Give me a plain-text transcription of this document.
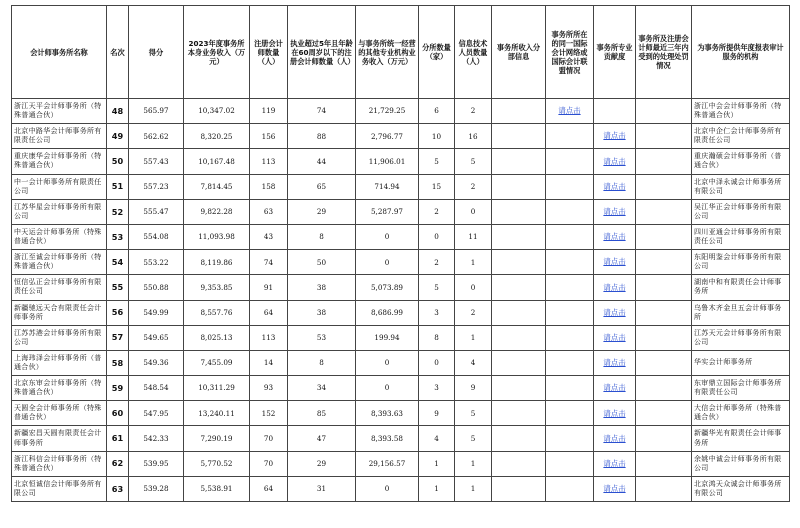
会计师事务所名称	名次	得分	2023年度事务所本身业务收入（万元）	注册会计师数量（人）	执业超过5年且年龄在60周岁以下的注册会计师数量（人）	与事务所统一经营的其他专业机构业务收入（万元）	分所数量（家）	信息技术人员数量（人）	事务所收入分部信息	事务所所在的同一国际会计网络或国际会计联盟情况	事务所专业贡献度	事务所及注册会计师最近三年内受到的处理处罚情况	为事务所提供年度报表审计服务的机构
浙江天平会计师事务所（特殊普通合伙）	48	565.97	10,347.02	119	74	21,729.25	6	2		请点击			浙江中会会计师事务所（特殊普通合伙）
北京中路华会计师事务所有限责任公司	49	562.62	8,320.25	156	88	2,796.77	10	16			请点击		北京中企仁会计师事务所有限责任公司
重庆康华会计师事务所（特殊普通合伙）	50	557.43	10,167.48	113	44	11,906.01	5	5			请点击		重庆瀚硕会计师事务所（普通合伙）
中一会计师事务所有限责任公司	51	557.23	7,814.45	158	65	714.94	15	2			请点击		北京中泽永诚会计师事务所有限公司
江苏华星会计师事务所有限公司	52	555.47	9,822.28	63	29	5,287.97	2	0			请点击		吴江华正会计师事务所有限公司
中天运会计师事务所（特殊普通合伙）	53	554.08	11,093.98	43	8	0	0	11			请点击		四川亚通会计师事务所有限责任公司
浙江至诚会计师事务所（特殊普通合伙）	54	553.22	8,119.86	74	50	0	2	1			请点击		东阳明鉴会计师事务所有限公司
恒信弘正会计师事务所有限责任公司	55	550.88	9,353.85	91	38	5,073.89	5	0			请点击		湖南中和有限责任会计师事务所
新疆驰远天合有限责任会计师事务所	56	549.99	8,557.76	64	38	8,686.99	3	2			请点击		乌鲁木齐金旦五会计师事务所
江苏苏港会计师事务所有限公司	57	549.65	8,025.13	113	53	199.94	8	1			请点击		江苏天元会计师事务所有限公司
上海玮泽会计师事务所（普通合伙）	58	549.36	7,455.09	14	8	0	0	4			请点击		华实会计师事务所
北京东审会计师事务所（特殊普通合伙）	59	548.54	10,311.29	93	34	0	3	9			请点击		东审鼎立国际会计师事务所有限责任公司
天圆全会计师事务所（特殊普通合伙）	60	547.95	13,240.11	152	85	8,393.63	9	5			请点击		大信会计师事务所（特殊普通合伙）
新疆宏昌天圆有限责任会计师事务所	61	542.33	7,290.19	70	47	8,393.58	4	5			请点击		新疆华光有限责任会计师事务所
浙江科信会计师事务所（特殊普通合伙）	62	539.95	5,770.52	70	29	29,156.57	1	1			请点击		余姚中诚会计师事务所有限公司
北京恒诚信会计师事务所有限公司	63	539.28	5,538.91	64	31	0	1	1			请点击		北京鸿天众诚会计师事务所有限公司
